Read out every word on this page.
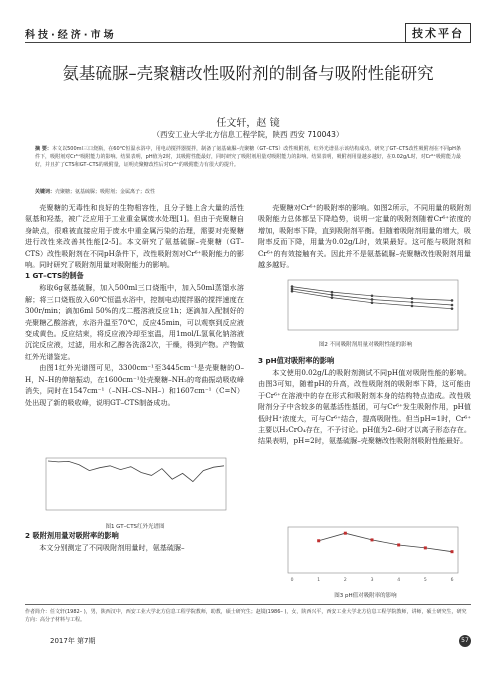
科技·经济·市场	技术平台
氨基硫脲–壳聚糖改性吸附剂的制备与吸附性能研究
任文轩，赵 镜
（西安工业大学北方信息工程学院，陕西 西安 710043）
摘 要：本文以500ml三口烧瓶，在60℃恒温水浴中，用电动搅拌器搅拌，制备了氨基硫脲–壳聚糖（GT–CTS）改性吸附剂，红外光谱显示该结构成功。研究了GT–CTS改性吸附剂在不同pH条件下，吸附剂对Cr⁶⁺吸附能力的影响。结果表明，pH值为2时，其吸附性能最好，同时研究了吸附剂用量对吸附能力的影响。结果表明，吸附剂用量越多越好，在0.02g/L时，对Cr⁶⁺吸附能力最好，并且扩了CTS和GT–CTS的吸附量，证明壳聚糖改性后对Cr⁶⁺的吸附能力有很大的提升。
关键词：壳聚糖；氨基硫脲；吸附剂；金属离子；改性

壳聚糖的无毒性和良好的生物相容性，且分子链上含大量的活性氨基和羟基，被广泛应用于工业重金属废水处理[1]。但由于壳聚糖自身缺点，很难被直接应用于废水中重金属污染的治理，需要对壳聚糖进行改性来改善其性能[2-5]。本文研究了氨基硫脲–壳聚糖（GT–CTS）改性吸附剂在不同pH条件下，改性吸附剂对Cr⁶⁺吸附能力的影响。同时研究了吸附剂用量对吸附能力的影响。

1 GT–CTS的制备

称取6g氨基硫脲，加入500ml三口烧瓶中，加入50ml蒸馏水溶解；将三口烧瓶放入60℃恒温水浴中，控制电动搅拌器的搅拌速度在300r/min；滴加6ml 50%的戊二醛溶液反应1h；逐滴加入配制好的壳聚糖乙酸溶液，水浴升温至70℃，反应45min，可以观察到反应液变成黄色。反应结束，将反应液冷却至室温，用1mol/L氢氧化钠溶液沉淀反应液，过滤，用水和乙醇各洗涤2次，干燥，得到产物。产物做红外光谱鉴定。

由图1红外光谱图可见，3300cm⁻¹至3445cm⁻¹是壳聚糖的O–H，N–H的伸缩振动，在1600cm⁻¹处壳聚糖–NH₂的弯曲振动吸收峰消失，同时在1547cm⁻¹（–NH–CS–NH–）和1607cm⁻¹（C=N）处出现了新的吸收峰，说明GT–CTS制备成功。

图1 GT–CTS红外光谱图
2 吸附剂用量对吸附率的影响

本文分别测定了不同吸附剂用量时，氨基硫脲–

壳聚糖对Cr⁶⁺的吸附率的影响。如图2所示，不同用量的吸附剂吸附能力总体都呈下降趋势，说明一定量的吸附剂随着Cr⁶⁺浓度的增加，吸附率下降，直到吸附剂平衡。但随着吸附剂用量的增大，吸附率反而下降，用量为0.02g/L时，效果最好。这可能与吸附剂和Cr⁶⁺的有效接触有关。因此并不是氨基硫脲–壳聚糖改性吸附剂用量越多越好。

图2 不同吸附剂用量对吸附性能的影响
3 pH值对吸附率的影响

本文使用0.02g/L的吸附剂测试不同pH值对吸附性能的影响。由图3可知，随着pH的升高，改性吸附剂的吸附率下降，这可能由于Cr⁶⁺在溶液中的存在形式和吸附剂本身的结构特点造成。改性吸附剂分子中含较多的氨基活性基团，可与Cr⁶⁺发生吸附作用，pH值低时H⁺浓度大，可与Cr⁶⁺结合，提高吸附性。但当pH=1时，Cr⁶⁺主要以H₂CrO₄存在，不予讨论。pH值为2–6时才以离子形态存在。结果表明，pH=2时，氨基硫脲–壳聚糖改性吸附剂吸附性能最好。

0	1	2	3	4	5	6
图3 pH值对吸附率的影响
作者简介：任文轩(1982– )，男，陕西汉中，西安工业大学北方信息工程学院教师，助教，硕士研究生；赵镜(1986– )，女，陕西兴平，西安工业大学北方信息工程学院教师，讲师，硕士研究生，研究方向：高分子材料与工程。
2017年 第7期	57
